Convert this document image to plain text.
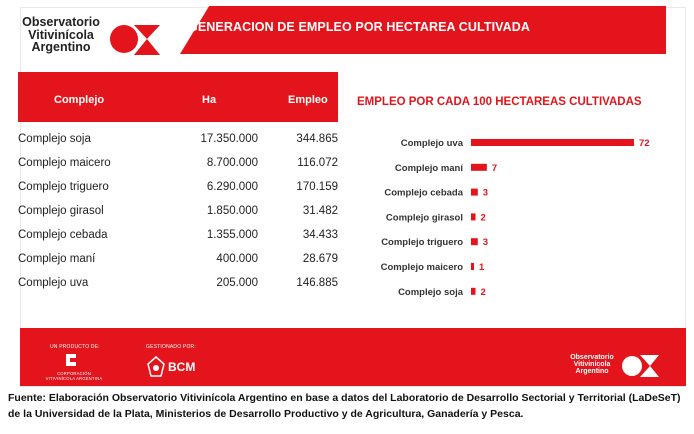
Observatorio
Vitivinícola
Argentino
GENERACION DE EMPLEO POR HECTAREA CULTIVADA
Complejo	Ha	Empleo
Complejo soja	17.350.000	344.865
Complejo maicero	8.700.000	116.072
Complejo triguero	6.290.000	170.159
Complejo girasol	1.850.000	31.482
Complejo cebada	1.355.000	34.433
Complejo maní	400.000	28.679
Complejo uva	205.000	146.885
EMPLEO POR CADA 100 HECTAREAS CULTIVADAS
Complejo uva	72
Complejo maní	7
Complejo cebada 3
Complejo girasol 2
Complejo triguero 3
Complejo maicero 1
Complejo soja 2
UN PRODUCTO DE:
CORPORACIÓN VITIVINÍCOLA ARGENTINA
GESTIONADO POR:
BCM
Observatorio
Vitivinícola
Argentino
Fuente: Elaboración Observatorio Vitivinícola Argentino en base a datos del Laboratorio de Desarrollo Sectorial y Territorial (LaDeSeT) de la Universidad de la Plata, Ministerios de Desarrollo Productivo y de Agricultura, Ganadería y Pesca.
